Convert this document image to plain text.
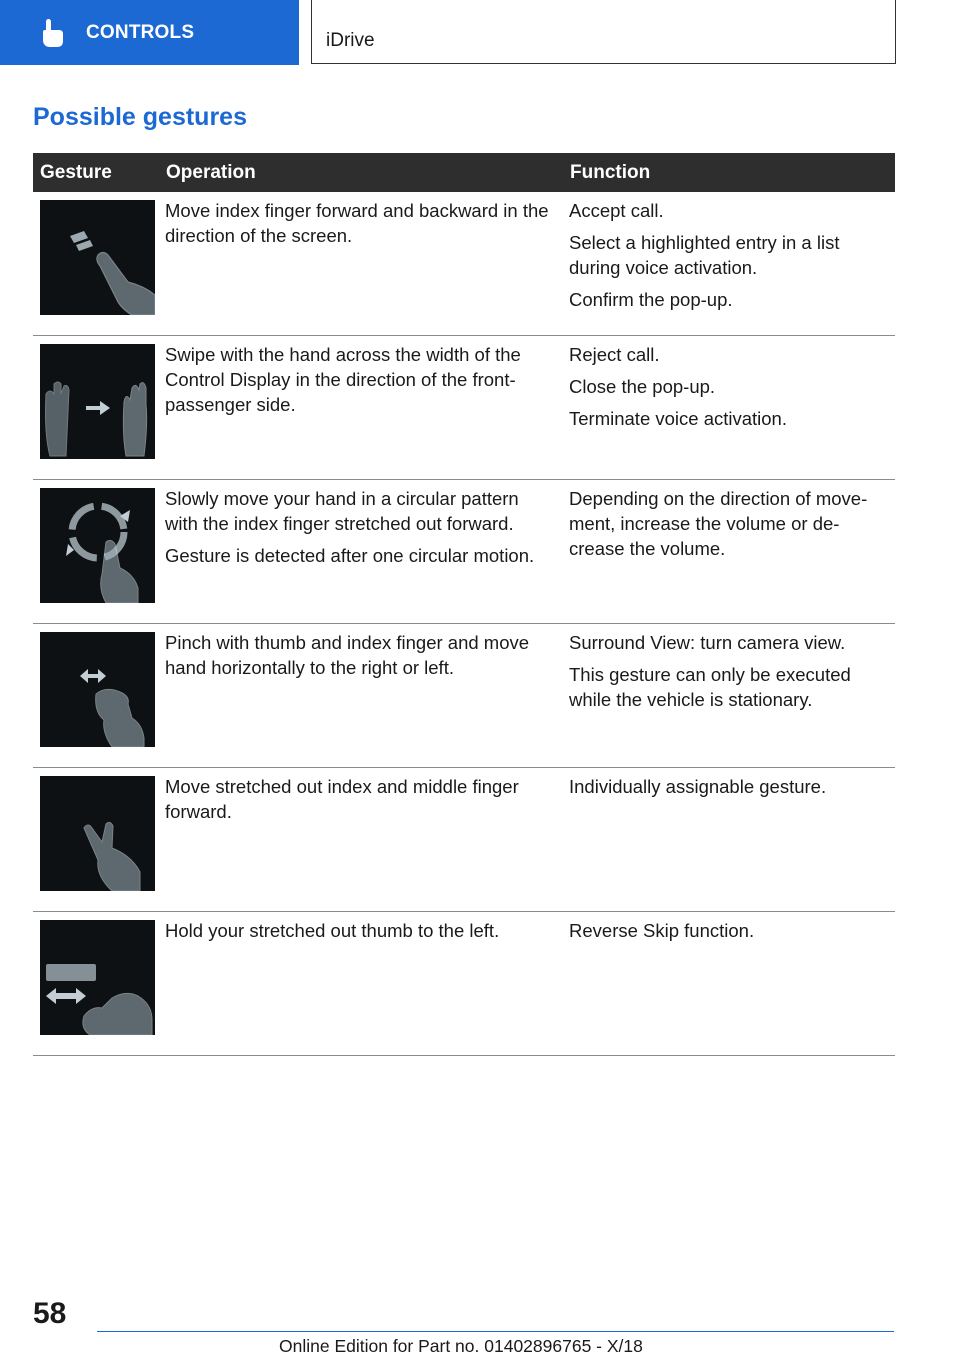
CONTROLS	iDrive
Possible gestures
Gesture	Operation	Function

Move index finger forward and backward in the direction of the screen.	Accept call.

Select a highlighted entry in a list during voice activation.

Confirm the pop-up.

Swipe with the hand across the width of the Control Display in the direction of the front-passenger side.	Reject call.

Close the pop-up.

Terminate voice activation.

Slowly move your hand in a circular pattern with the index finger stretched out forward.

Gesture is detected after one circular motion.	Depending on the direction of move-ment, increase the volume or de-crease the volume.

Pinch with thumb and index finger and move hand horizontally to the right or left.	Surround View: turn camera view.

This gesture can only be executed while the vehicle is stationary.

Move stretched out index and middle finger forward.	Individually assignable gesture.

Hold your stretched out thumb to the left.	Reverse Skip function.

58
Online Edition for Part no. 01402896765 - X/18
